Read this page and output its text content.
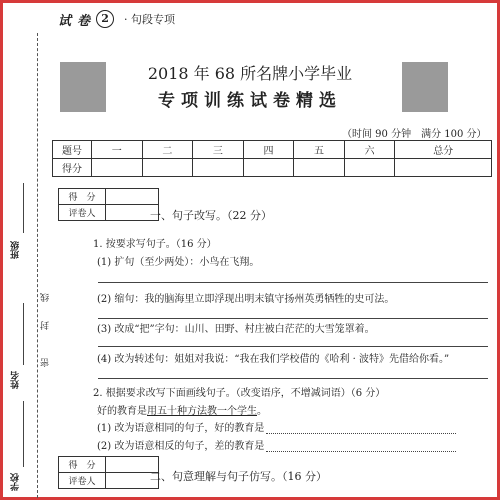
班级
姓名
学校
密
封
线
试 卷	2	· 句段专项
2018 年 68 所名牌小学毕业
专项训练试卷精选
（时间 90 分钟　满分 100 分）
题号	一	二	三	四	五	六	总分
得分							
得　分	
评卷人		一、句子改写。（22 分）
1. 按要求写句子。（16 分）
(1) 扩句（至少两处）：小鸟在飞翔。
(2) 缩句：我的脑海里立即浮现出明末镇守扬州英勇牺牲的史可法。
(3) 改成“把”字句：山川、田野、村庄被白茫茫的大雪笼罩着。
(4) 改为转述句：姐姐对我说：“我在我们学校借的《哈利 · 波特》先借给你看。”
2. 根据要求改写下面画线句子。（改变语序，不增减词语）（6 分）
好的教育是用五十种方法教一个学生。
(1) 改为语意相同的句子，好的教育是
(2) 改为语意相反的句子，差的教育是
得　分	
评卷人		二、句意理解与句子仿写。（16 分）
